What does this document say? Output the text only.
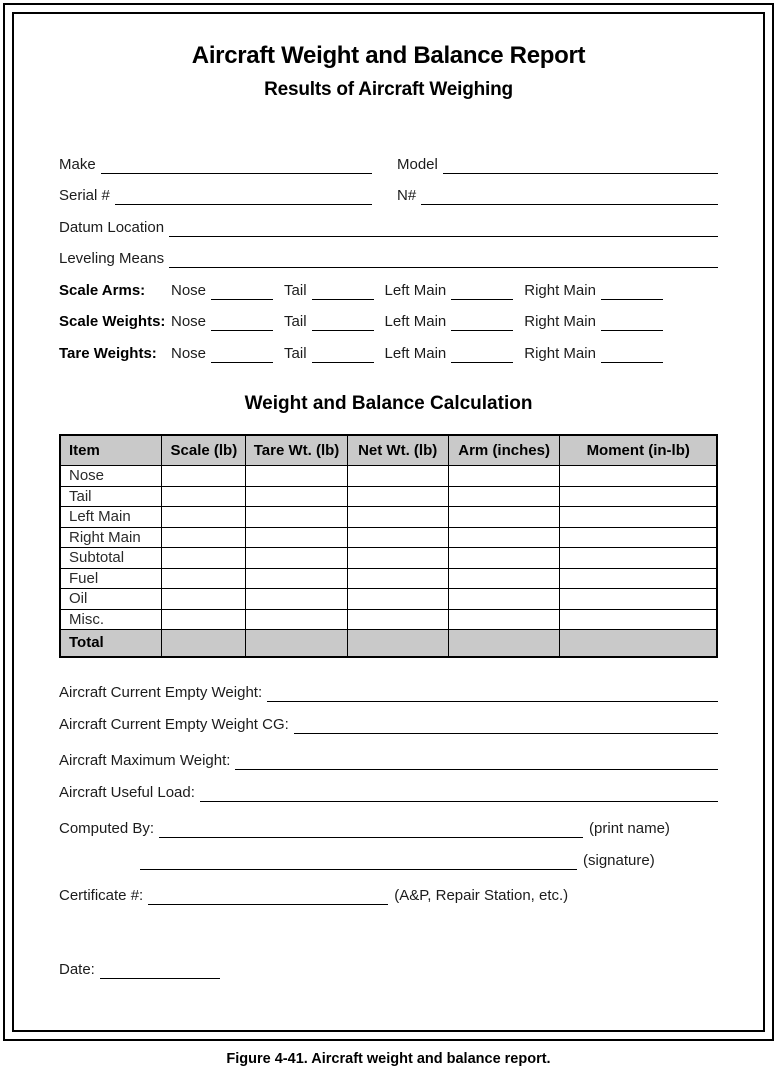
Aircraft Weight and Balance Report
Results of Aircraft Weighing
Make	Model
Serial #	N#
Datum Location
Leveling Means
Scale Arms:	Nose	Tail	Left Main	Right Main
Scale Weights: Nose	Tail	Left Main	Right Main
Tare Weights: Nose	Tail	Left Main	Right Main
Weight and Balance Calculation
Item	Scale (lb)	Tare Wt. (lb)	Net Wt. (lb)	Arm (inches)	Moment (in-lb)
Nose					
Tail					
Left Main					
Right Main					
Subtotal					
Fuel					
Oil					
Misc.					
Total					
Aircraft Current Empty Weight:
Aircraft Current Empty Weight CG:
Aircraft Maximum Weight:
Aircraft Useful Load:
Computed By:	(print name)
(signature)
Certificate #:	(A&P, Repair Station, etc.)
Date:
Figure 4-41. Aircraft weight and balance report.
